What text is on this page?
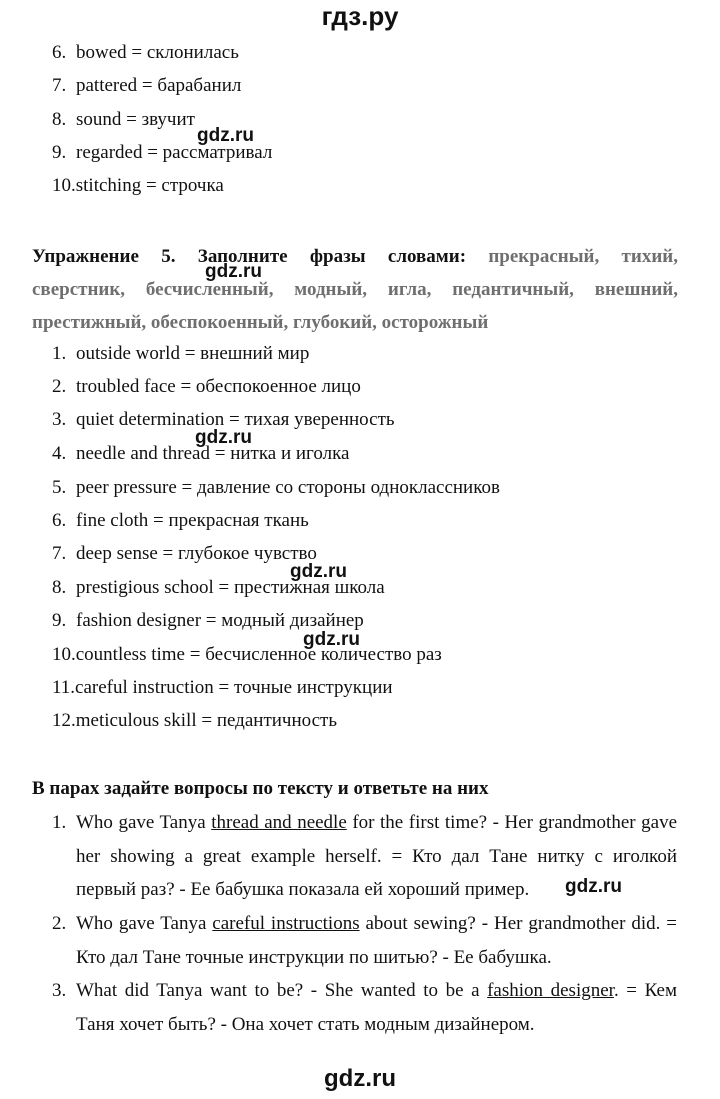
гдз.ру
6. bowed = склонилась
7. pattered = барабанил
8. sound = звучит
9. regarded = рассматривал
10.stitching = строчка
Упражнение 5. Заполните фразы словами: прекрасный, тихий,
сверстник, бесчисленный, модный, игла, педантичный, внешний,
престижный, обеспокоенный, глубокий, осторожный
1. outside world = внешний мир
2. troubled face = обеспокоенное лицо
3. quiet determination = тихая уверенность
4. needle and thread = нитка и иголка
5. peer pressure = давление со стороны одноклассников
6. fine cloth = прекрасная ткань
7. deep sense = глубокое чувство
8. prestigious school = престижная школа
9. fashion designer = модный дизайнер
10.countless time = бесчисленное количество раз
11.careful instruction = точные инструкции
12.meticulous skill = педантичность
В парах задайте вопросы по тексту и ответьте на них
1. Who gave Tanya thread and needle for the first time? - Her grandmother gave her showing a great example herself. = Кто дал Тане нитку с иголкой первый раз? - Ее бабушка показала ей хороший пример.
2. Who gave Tanya careful instructions about sewing? - Her grandmother did. = Кто дал Тане точные инструкции по шитью? - Ее бабушка.
3. What did Tanya want to be? - She wanted to be a fashion designer. = Кем Таня хочет быть? - Она хочет стать модным дизайнером.
gdz.ru
gdz.ru
gdz.ru
gdz.ru
gdz.ru
gdz.ru
gdz.ru
